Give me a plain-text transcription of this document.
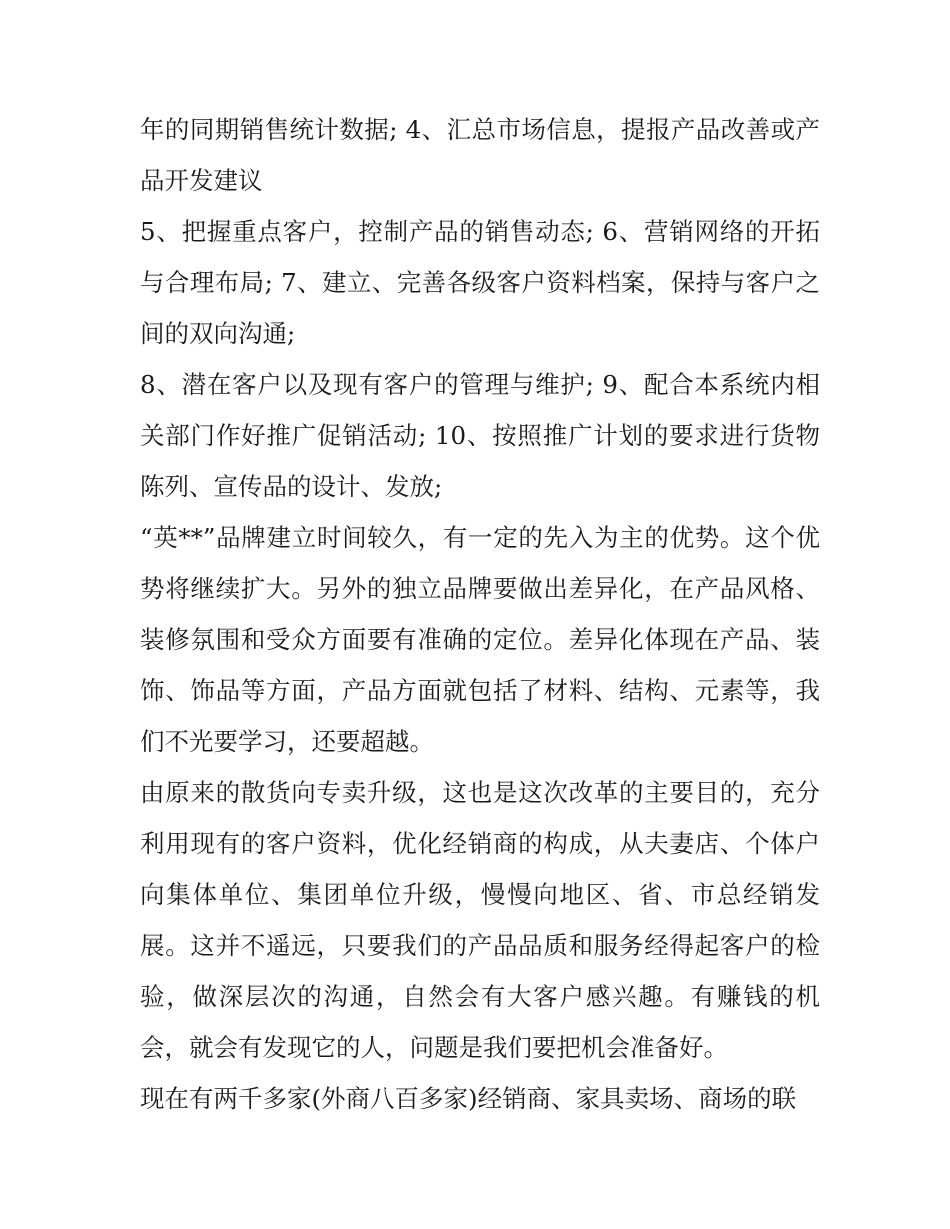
年的同期销售统计数据; 4、汇总市场信息，提报产品改善或产品开发建议

5、把握重点客户，控制产品的销售动态; 6、营销网络的开拓与合理布局; 7、建立、完善各级客户资料档案，保持与客户之间的双向沟通;

8、潜在客户以及现有客户的管理与维护; 9、配合本系统内相关部门作好推广促销活动; 10、按照推广计划的要求进行货物陈列、宣传品的设计、发放;

“英**”品牌建立时间较久，有一定的先入为主的优势。这个优势将继续扩大。另外的独立品牌要做出差异化，在产品风格、装修氛围和受众方面要有准确的定位。差异化体现在产品、装饰、饰品等方面，产品方面就包括了材料、结构、元素等，我们不光要学习，还要超越。

由原来的散货向专卖升级，这也是这次改革的主要目的，充分利用现有的客户资料，优化经销商的构成，从夫妻店、个体户向集体单位、集团单位升级，慢慢向地区、省、市总经销发展。这并不遥远，只要我们的产品品质和服务经得起客户的检验，做深层次的沟通，自然会有大客户感兴趣。有赚钱的机会，就会有发现它的人，问题是我们要把机会准备好。

现在有两千多家(外商八百多家)经销商、家具卖场、商场的联
